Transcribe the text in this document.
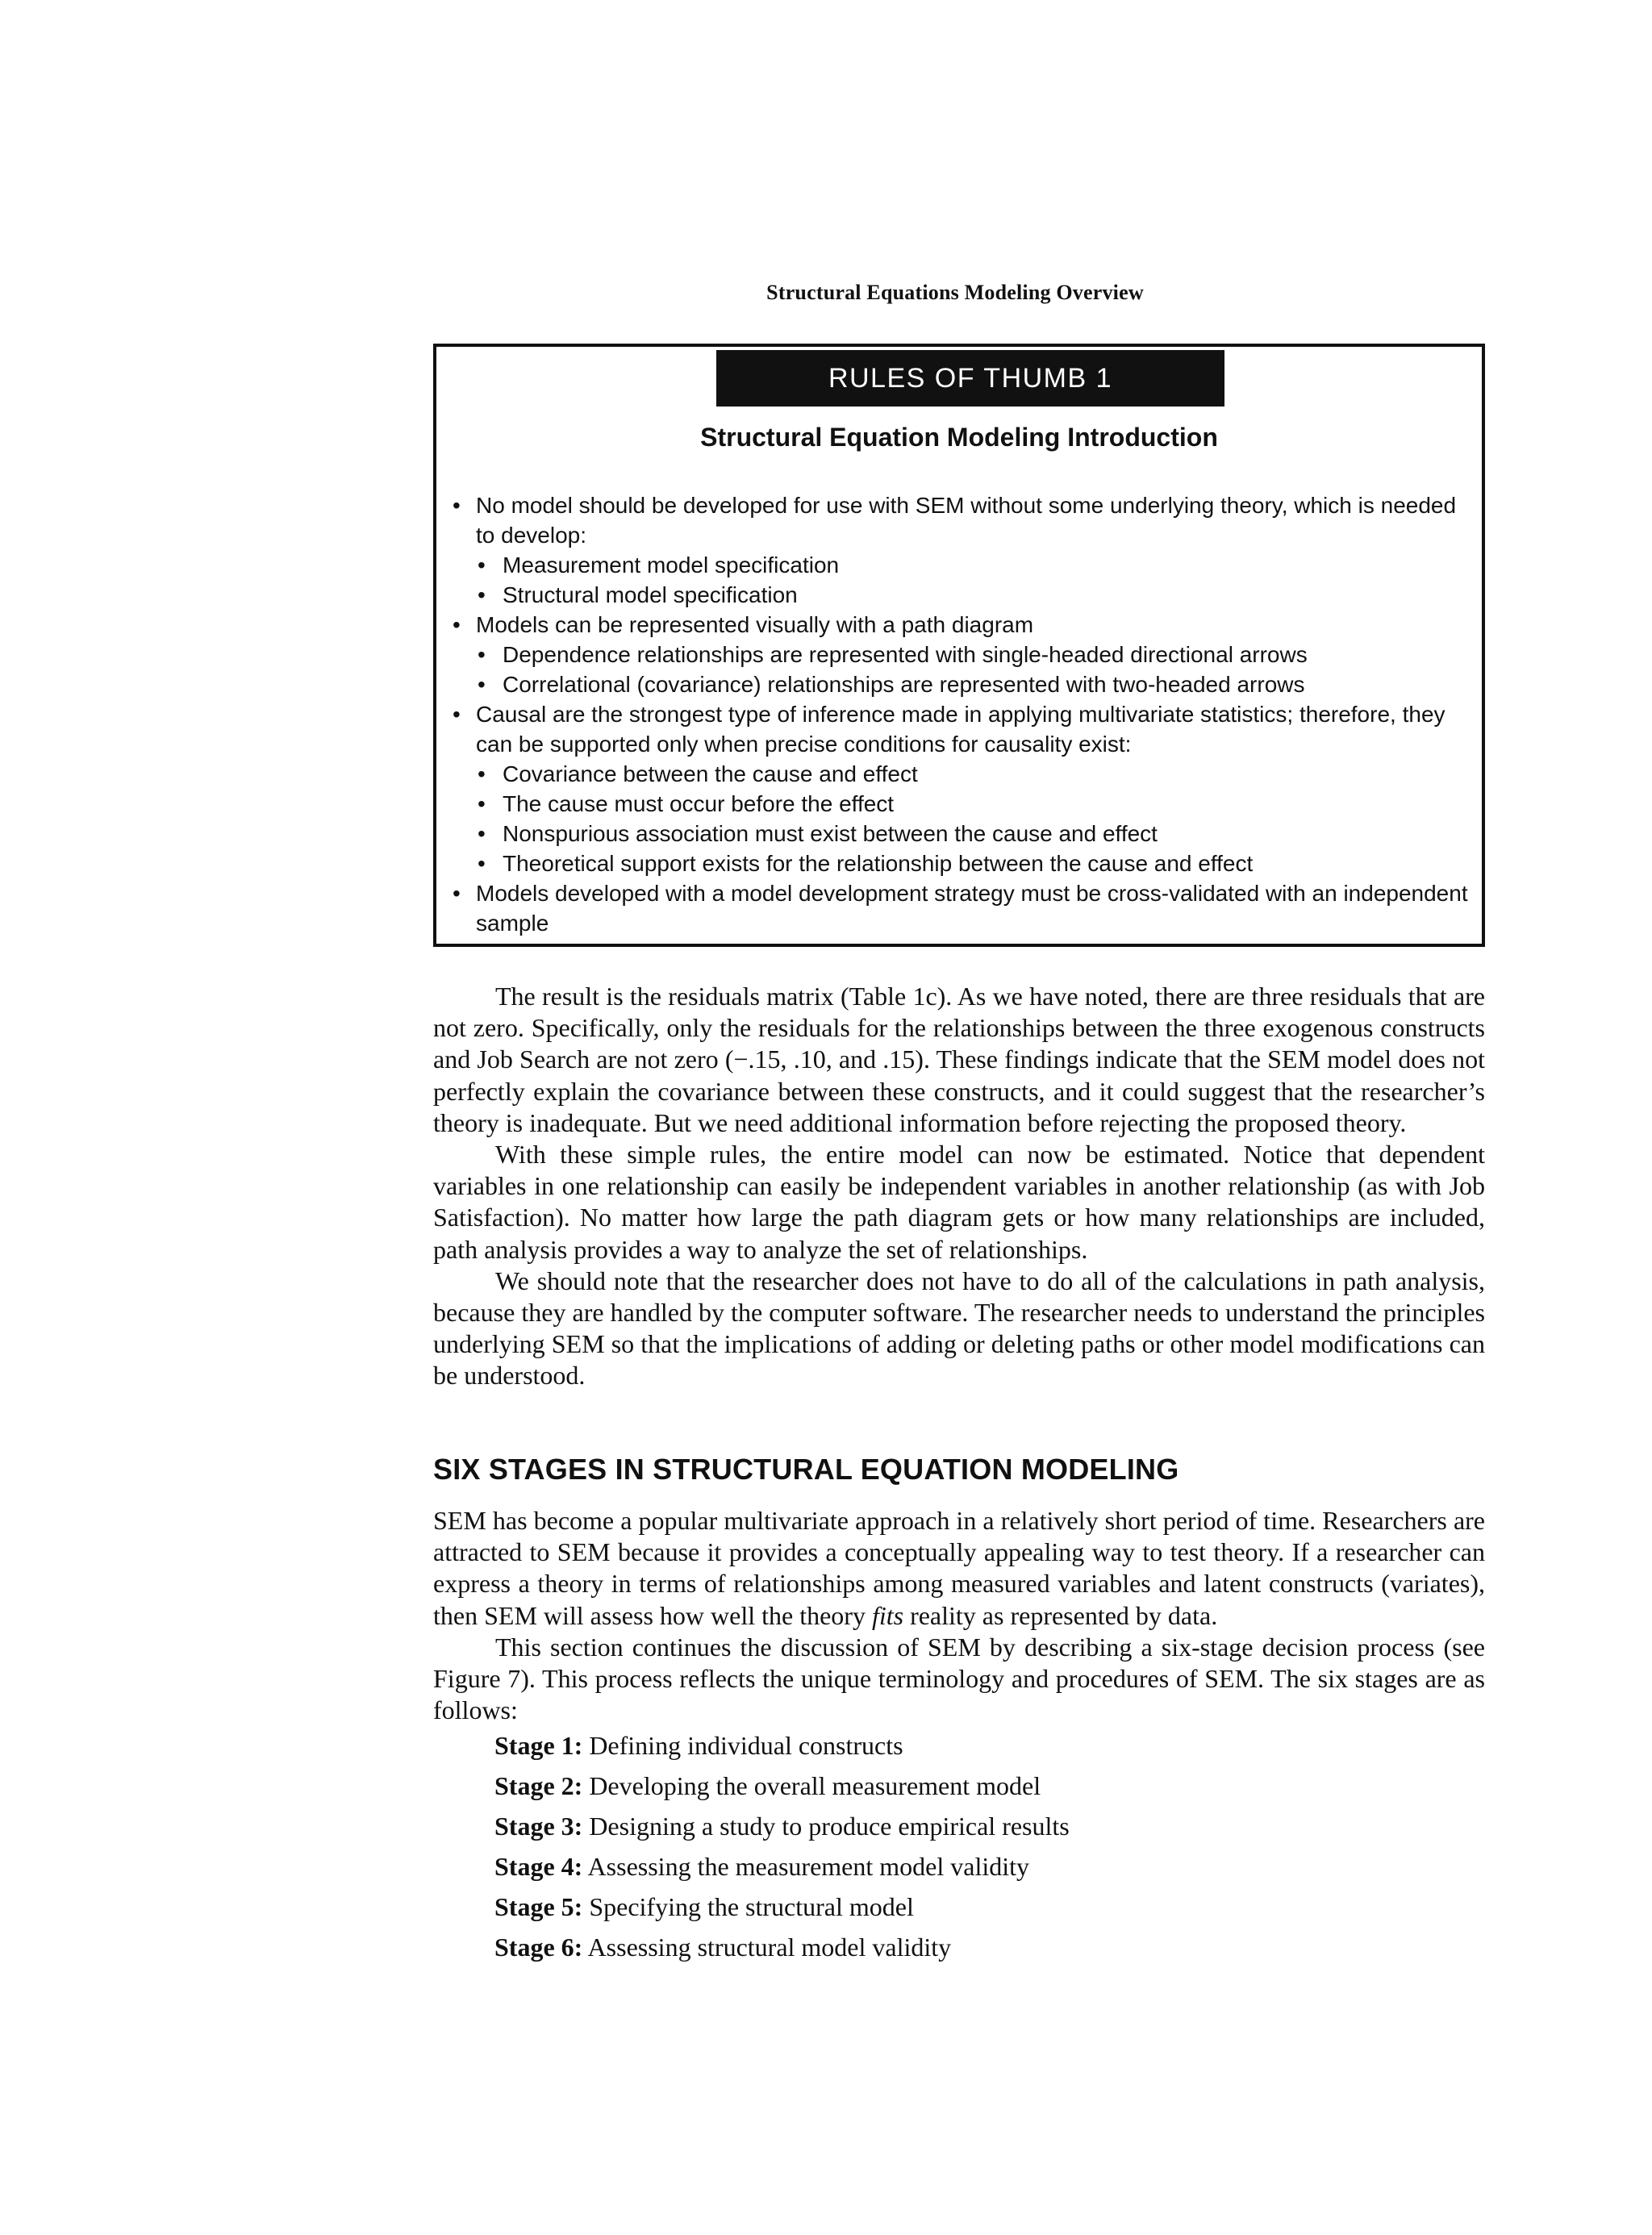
Structural Equations Modeling Overview
RULES OF THUMB 1
Structural Equation Modeling Introduction
• No model should be developed for use with SEM without some underlying theory, which is needed to develop:
• Measurement model specification
• Structural model specification
• Models can be represented visually with a path diagram
• Dependence relationships are represented with single-headed directional arrows
• Correlational (covariance) relationships are represented with two-headed arrows
• Causal are the strongest type of inference made in applying multivariate statistics; therefore, they can be supported only when precise conditions for causality exist:
• Covariance between the cause and effect
• The cause must occur before the effect
• Nonspurious association must exist between the cause and effect
• Theoretical support exists for the relationship between the cause and effect
• Models developed with a model development strategy must be cross-validated with an independent sample

The result is the residuals matrix (Table 1c). As we have noted, there are three residuals that are not zero. Specifically, only the residuals for the relationships between the three exogenous constructs and Job Search are not zero (−.15, .10, and .15). These findings indicate that the SEM model does not perfectly explain the covariance between these constructs, and it could suggest that the researcher’s theory is inadequate. But we need additional information before rejecting the proposed theory.

With these simple rules, the entire model can now be estimated. Notice that dependent variables in one relationship can easily be independent variables in another relationship (as with Job Satisfaction). No matter how large the path diagram gets or how many relationships are included, path analysis provides a way to analyze the set of relationships.

We should note that the researcher does not have to do all of the calculations in path analysis, because they are handled by the computer software. The researcher needs to understand the principles underlying SEM so that the implications of adding or deleting paths or other model modifications can be understood.

SIX STAGES IN STRUCTURAL EQUATION MODELING

SEM has become a popular multivariate approach in a relatively short period of time. Researchers are attracted to SEM because it provides a conceptually appealing way to test theory. If a researcher can express a theory in terms of relationships among measured variables and latent constructs (variates), then SEM will assess how well the theory fits reality as represented by data.

This section continues the discussion of SEM by describing a six-stage decision process (see Figure 7). This process reflects the unique terminology and procedures of SEM. The six stages are as follows:

Stage 1: Defining individual constructs
Stage 2: Developing the overall measurement model
Stage 3: Designing a study to produce empirical results
Stage 4: Assessing the measurement model validity
Stage 5: Specifying the structural model
Stage 6: Assessing structural model validity
